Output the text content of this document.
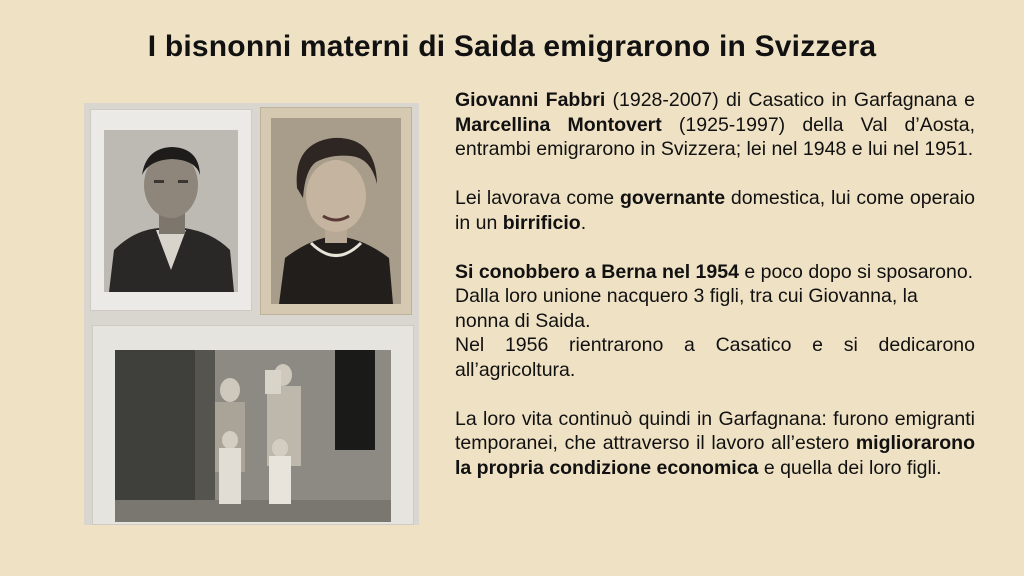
I bisnonni materni di Saida emigrarono in Svizzera

Giovanni Fabbri (1928-2007) di Casatico in Garfagnana e Marcellina Montovert (1925-1997) della Val d’Aosta, entrambi emigrarono in Svizzera; lei nel 1948 e lui nel 1951.

Lei lavorava come governante domestica, lui come operaio in un birrificio.

Si conobbero a Berna nel 1954 e poco dopo si sposarono. Dalla loro unione nacquero 3 figli, tra cui Giovanna, la nonna di Saida.

Nel 1956 rientrarono a Casatico e si dedicarono all’agricoltura.

La loro vita continuò quindi in Garfagnana: furono emigranti temporanei, che attraverso il lavoro all’estero migliorarono la propria condizione economica e quella dei loro figli.
